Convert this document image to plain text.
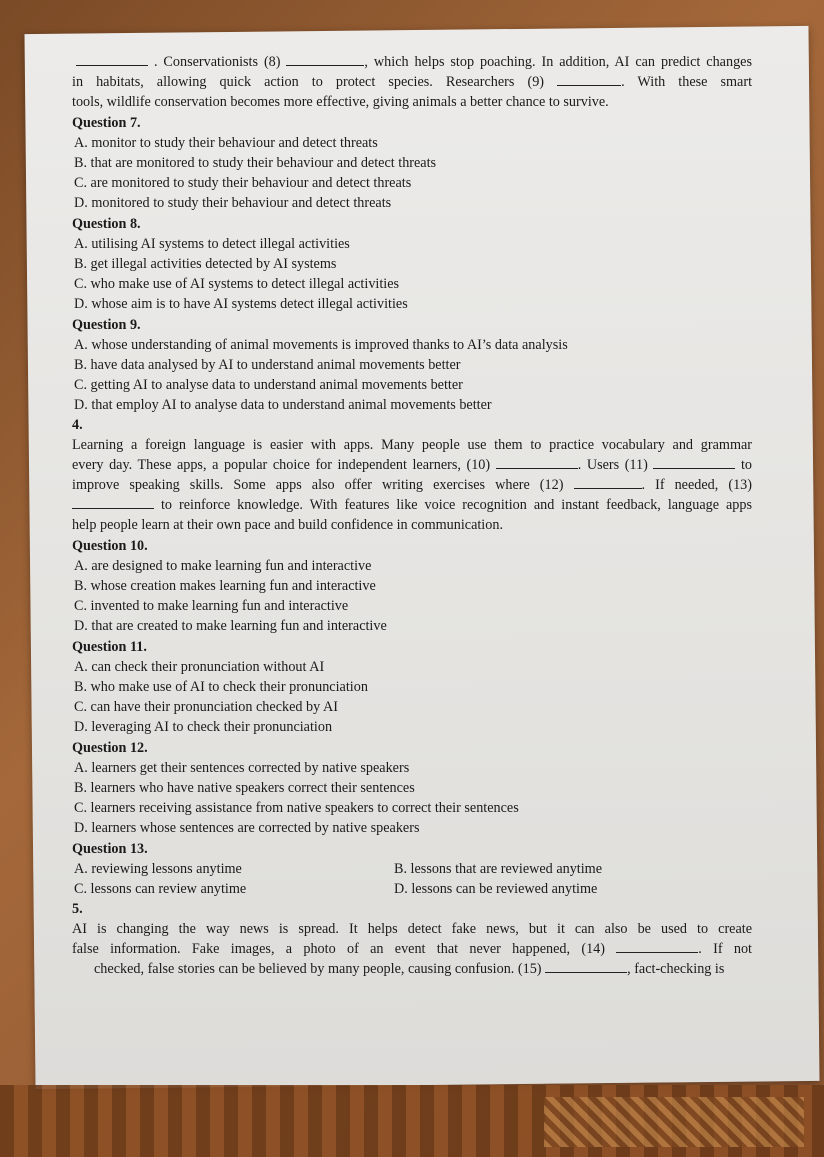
. Conservationists (8)	, which helps stop poaching. In addition, AI can predict changes
in habitats, allowing quick action to protect species. Researchers (9)	. With these smart
tools, wildlife conservation becomes more effective, giving animals a better chance to survive.
Question 7.
A. monitor to study their behaviour and detect threats
B. that are monitored to study their behaviour and detect threats
C. are monitored to study their behaviour and detect threats
D. monitored to study their behaviour and detect threats
Question 8.
A. utilising AI systems to detect illegal activities
B. get illegal activities detected by AI systems
C. who make use of AI systems to detect illegal activities
D. whose aim is to have AI systems detect illegal activities
Question 9.
A. whose understanding of animal movements is improved thanks to AI’s data analysis
B. have data analysed by AI to understand animal movements better
C. getting AI to analyse data to understand animal movements better
D. that employ AI to analyse data to understand animal movements better
4.
Learning a foreign language is easier with apps. Many people use them to practice vocabulary and grammar
every day. These apps, a popular choice for independent learners, (10)	. Users (11)	to
improve speaking skills. Some apps also offer writing exercises where (12)	. If needed, (13)
to reinforce knowledge. With features like voice recognition and instant feedback, language apps
help people learn at their own pace and build confidence in communication.
Question 10.
A. are designed to make learning fun and interactive
B. whose creation makes learning fun and interactive
C. invented to make learning fun and interactive
D. that are created to make learning fun and interactive
Question 11.
A. can check their pronunciation without AI
B. who make use of AI to check their pronunciation
C. can have their pronunciation checked by AI
D. leveraging AI to check their pronunciation
Question 12.
A. learners get their sentences corrected by native speakers
B. learners who have native speakers correct their sentences
C. learners receiving assistance from native speakers to correct their sentences
D. learners whose sentences are corrected by native speakers
Question 13.
A. reviewing lessons anytime	B. lessons that are reviewed anytime
C. lessons can review anytime	D. lessons can be reviewed anytime
5.
AI is changing the way news is spread. It helps detect fake news, but it can also be used to create
false information. Fake images, a photo of an event that never happened, (14)	. If not
checked, false stories can be believed by many people, causing confusion. (15)	, fact-checking is
